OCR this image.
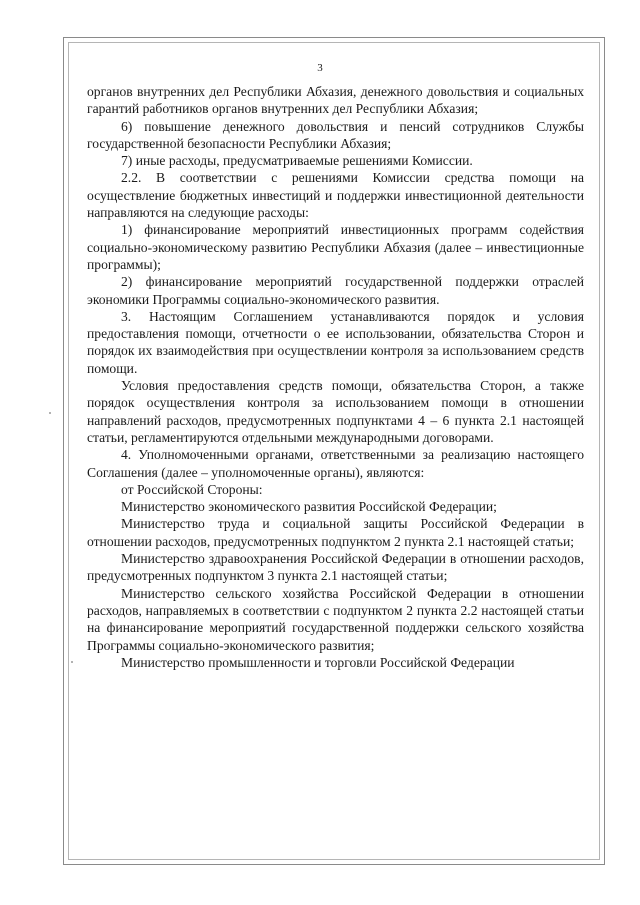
3

органов внутренних дел Республики Абхазия, денежного довольствия и социальных гарантий работников органов внутренних дел Республики Абхазия;

6) повышение денежного довольствия и пенсий сотрудников Службы государственной безопасности Республики Абхазия;

7) иные расходы, предусматриваемые решениями Комиссии.

2.2. В соответствии с решениями Комиссии средства помощи на осуществление бюджетных инвестиций и поддержки инвестиционной деятельности направляются на следующие расходы:

1) финансирование мероприятий инвестиционных программ содействия социально-экономическому развитию Республики Абхазия (далее – инвестиционные программы);

2) финансирование мероприятий государственной поддержки отраслей экономики Программы социально-экономического развития.

3. Настоящим Соглашением устанавливаются порядок и условия предоставления помощи, отчетности о ее использовании, обязательства Сторон и порядок их взаимодействия при осуществлении контроля за использованием средств помощи.

Условия предоставления средств помощи, обязательства Сторон, а также порядок осуществления контроля за использованием помощи в отношении направлений расходов, предусмотренных подпунктами 4 – 6 пункта 2.1 настоящей статьи, регламентируются отдельными международными договорами.

4. Уполномоченными органами, ответственными за реализацию настоящего Соглашения (далее – уполномоченные органы), являются:

от Российской Стороны:

Министерство экономического развития Российской Федерации;

Министерство труда и социальной защиты Российской Федерации в отношении расходов, предусмотренных подпунктом 2 пункта 2.1 настоящей статьи;

Министерство здравоохранения Российской Федерации в отношении расходов, предусмотренных подпунктом 3 пункта 2.1 настоящей статьи;

Министерство сельского хозяйства Российской Федерации в отношении расходов, направляемых в соответствии с подпунктом 2 пункта 2.2 настоящей статьи на финансирование мероприятий государственной поддержки сельского хозяйства Программы социально-экономического развития;

Министерство промышленности и торговли Российской Федерации
